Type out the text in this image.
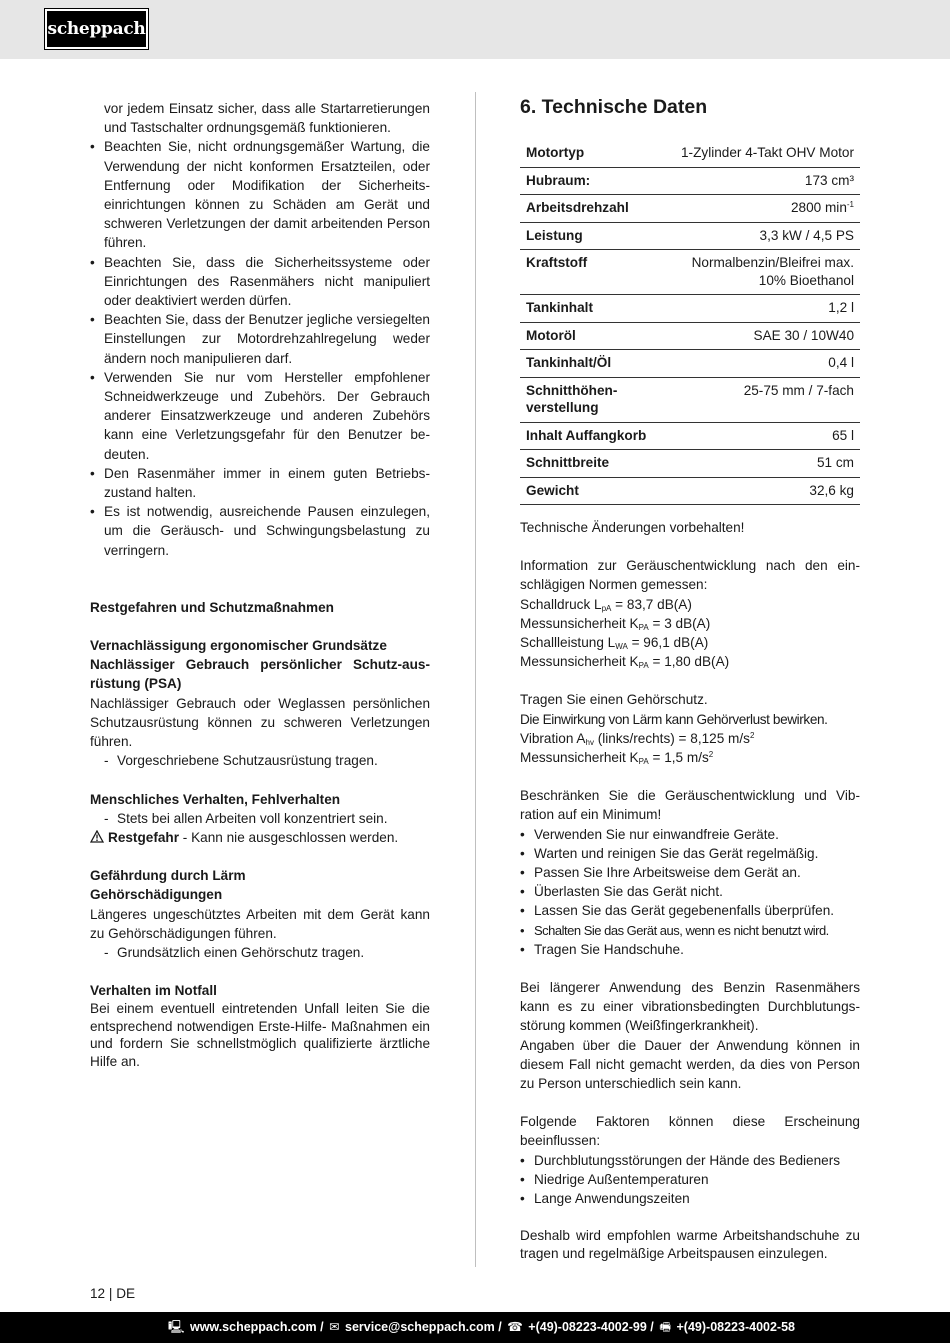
scheppach
vor jedem Einsatz sicher, dass alle Startarretierungen und Tastschalter ordnungsgemäß funktionieren.
• Beachten Sie, nicht ordnungsgemäßer Wartung, die Verwendung der nicht konformen Ersatzteilen, oder Entfernung oder Modifikation der Sicherheitseinrichtungen können zu Schäden am Gerät und schweren Verletzungen der damit arbeitenden Person führen.
• Beachten Sie, dass die Sicherheitssysteme oder Einrichtungen des Rasenmähers nicht manipuliert oder deaktiviert werden dürfen.
• Beachten Sie, dass der Benutzer jegliche versiegelten Einstellungen zur Motordrehzahlregelung weder ändern noch manipulieren darf.
• Verwenden Sie nur vom Hersteller empfohlener Schneidwerkzeuge und Zubehörs. Der Gebrauch anderer Einsatzwerkzeuge und anderen Zubehörs kann eine Verletzungsgefahr für den Benutzer bedeuten.
• Den Rasenmäher immer in einem guten Betriebszustand halten.
• Es ist notwendig, ausreichende Pausen einzulegen, um die Geräusch- und Schwingungsbelastung zu verringern.
Restgefahren und Schutzmaßnahmen
Vernachlässigung ergonomischer Grundsätze
Nachlässiger Gebrauch persönlicher Schutz-ausrüstung (PSA)
Nachlässiger Gebrauch oder Weglassen persönlichen Schutzausrüstung können zu schweren Verletzungen führen.
- Vorgeschriebene Schutzausrüstung tragen.
Menschliches Verhalten, Fehlverhalten
- Stets bei allen Arbeiten voll konzentriert sein.
Restgefahr - Kann nie ausgeschlossen werden.
Gefährdung durch Lärm
Gehörschädigungen
Längeres ungeschütztes Arbeiten mit dem Gerät kann zu Gehörschädigungen führen.
- Grundsätzlich einen Gehörschutz tragen.
Verhalten im Notfall
Bei einem eventuell eintretenden Unfall leiten Sie die entsprechend notwendigen Erste-Hilfe- Maßnahmen ein und fordern Sie schnellstmöglich qualifizierte ärztliche Hilfe an.
6. Technische Daten
Motortyp	1-Zylinder 4-Takt OHV Motor
Hubraum:	173 cm³
Arbeitsdrehzahl	2800 $\min^{-1}$
Leistung	3,3 kW / 4,5 PS
Kraftstoff	Normalbenzin/Bleifrei max.
10% Bioethanol

Tankinhalt	1,2 l
Motoröl	SAE 30 / 10W40
Tankinhalt/Öl	0,4 l

Schnitthöhen-
verstellung	25-75 mm / 7-fach
Inhalt Auffangkorb	65 l
Schnittbreite	51 cm
Gewicht	32,6 kg
Technische Änderungen vorbehalten!
Information zur Geräuschentwicklung nach den einschlägigen Normen gemessen:
Schalldruck $L_{pA} = 83,7$ dB(A)
Messunsicherheit $K_{PA} = 3$ dB(A)
Schallleistung $L_{WA} = 96,1$ dB(A)
Messunsicherheit $K_{PA} = 1,80$ dB(A)
Tragen Sie einen Gehörschutz.
Die Einwirkung von Lärm kann Gehörverlust bewirken.
Vibration $A_{hv}$ (links/rechts) = 8,125 $m/s^2$
Messunsicherheit $K_{PA} = 1,5$ $m/s^2$
Beschränken Sie die Geräuschentwicklung und Vibration auf ein Minimum!
• Verwenden Sie nur einwandfreie Geräte.
• Warten und reinigen Sie das Gerät regelmäßig.
• Passen Sie Ihre Arbeitsweise dem Gerät an.
• Überlasten Sie das Gerät nicht.
• Lassen Sie das Gerät gegebenenfalls überprüfen.
• Schalten Sie das Gerät aus, wenn es nicht benutzt wird.
• Tragen Sie Handschuhe.
Bei längerer Anwendung des Benzin Rasenmähers kann es zu einer vibrationsbedingten Durchblutungsstörung kommen (Weißfingerkrankheit).
Angaben über die Dauer der Anwendung können in diesem Fall nicht gemacht werden, da dies von Person zu Person unterschiedlich sein kann.
Folgende Faktoren können diese Erscheinung beeinflussen:
• Durchblutungsstörungen der Hände des Bedieners
• Niedrige Außentemperaturen
• Lange Anwendungszeiten
Deshalb wird empfohlen warme Arbeitshandschuhe zu tragen und regelmäßige Arbeitspausen einzulegen.
12 | DE
🖳 www.scheppach.com / ✉ service@scheppach.com / ☎ +(49)-08223-4002-99 / 🖷 +(49)-08223-4002-58
